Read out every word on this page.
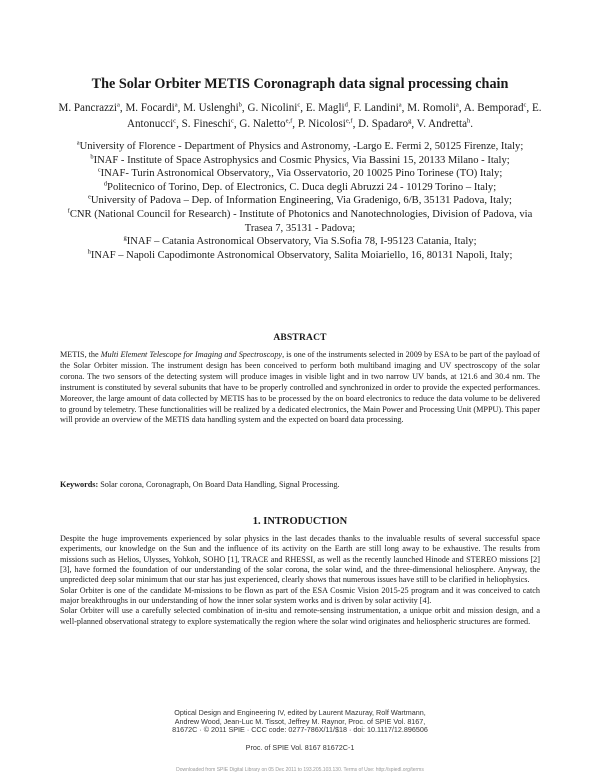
The Solar Orbiter METIS Coronagraph data signal processing chain
M. Pancrazzi$^a$, M. Focardi$^a$, M. Uslenghi$^b$, G. Nicolini$^c$, E. Magli$^d$, F. Landini$^a$, M. Romoli$^a$, A. Bemporad$^c$, E. Antonucci$^c$, S. Fineschi$^c$, G. Naletto$^{e,f}$, P. Nicolosi$^{e,f}$, D. Spadaro$^g$, V. Andretta$^h$.
$^a$University of Florence - Department of Physics and Astronomy, -Largo E. Fermi 2, 50125 Firenze, Italy;
$^b$INAF - Institute of Space Astrophysics and Cosmic Physics, Via Bassini 15, 20133 Milano - Italy;
$^c$INAF- Turin Astronomical Observatory,, Via Osservatorio, 20 10025 Pino Torinese (TO) Italy;
$^d$Politecnico of Torino, Dep. of Electronics, C. Duca degli Abruzzi 24 - 10129 Torino – Italy;
$^e$University of Padova – Dep. of Information Engineering, Via Gradenigo, 6/B, 35131 Padova, Italy;
$^f$CNR (National Council for Research) - Institute of Photonics and Nanotechnologies, Division of Padova, via Trasea 7, 35131 - Padova;
$^g$INAF – Catania Astronomical Observatory, Via S.Sofia 78, I-95123 Catania, Italy;
$^h$INAF – Napoli Capodimonte Astronomical Observatory, Salita Moiariello, 16, 80131 Napoli, Italy;
ABSTRACT
METIS, the Multi Element Telescope for Imaging and Spectroscopy, is one of the instruments selected in 2009 by ESA to be part of the payload of the Solar Orbiter mission. The instrument design has been conceived to perform both multiband imaging and UV spectroscopy of the solar corona. The two sensors of the detecting system will produce images in visible light and in two narrow UV bands, at 121.6 and 30.4 nm. The instrument is constituted by several subunits that have to be properly controlled and synchronized in order to provide the expected performances. Moreover, the large amount of data collected by METIS has to be processed by the on board electronics to reduce the data volume to be delivered to ground by telemetry. These functionalities will be realized by a dedicated electronics, the Main Power and Processing Unit (MPPU). This paper will provide an overview of the METIS data handling system and the expected on board data processing.
Keywords: Solar corona, Coronagraph, On Board Data Handling, Signal Processing.
1. INTRODUCTION

Despite the huge improvements experienced by solar physics in the last decades thanks to the invaluable results of several successful space experiments, our knowledge on the Sun and the influence of its activity on the Earth are still long away to be exhaustive. The results from missions such as Helios, Ulysses, Yohkoh, SOHO [1], TRACE and RHESSI, as well as the recently launched Hinode and STEREO missions [2][3], have formed the foundation of our understanding of the solar corona, the solar wind, and the three-dimensional heliosphere. Anyway, the unpredicted deep solar minimum that our star has just experienced, clearly shows that numerous issues have still to be clarified in heliophysics.

Solar Orbiter is one of the candidate M-missions to be flown as part of the ESA Cosmic Vision 2015-25 program and it was conceived to catch major breakthroughs in our understanding of how the inner solar system works and is driven by solar activity [4].

Solar Orbiter will use a carefully selected combination of in-situ and remote-sensing instrumentation, a unique orbit and mission design, and a well-planned observational strategy to explore systematically the region where the solar wind originates and heliospheric structures are formed.

Optical Design and Engineering IV, edited by Laurent Mazuray, Rolf Wartmann,
Andrew Wood, Jean-Luc M. Tissot, Jeffrey M. Raynor, Proc. of SPIE Vol. 8167,
81672C · © 2011 SPIE · CCC code: 0277-786X/11/$18 · doi: 10.1117/12.896506
Proc. of SPIE Vol. 8167 81672C-1
Downloaded from SPIE Digital Library on 05 Dec 2011 to 193.205.103.130. Terms of Use: http://spiedl.org/terms
